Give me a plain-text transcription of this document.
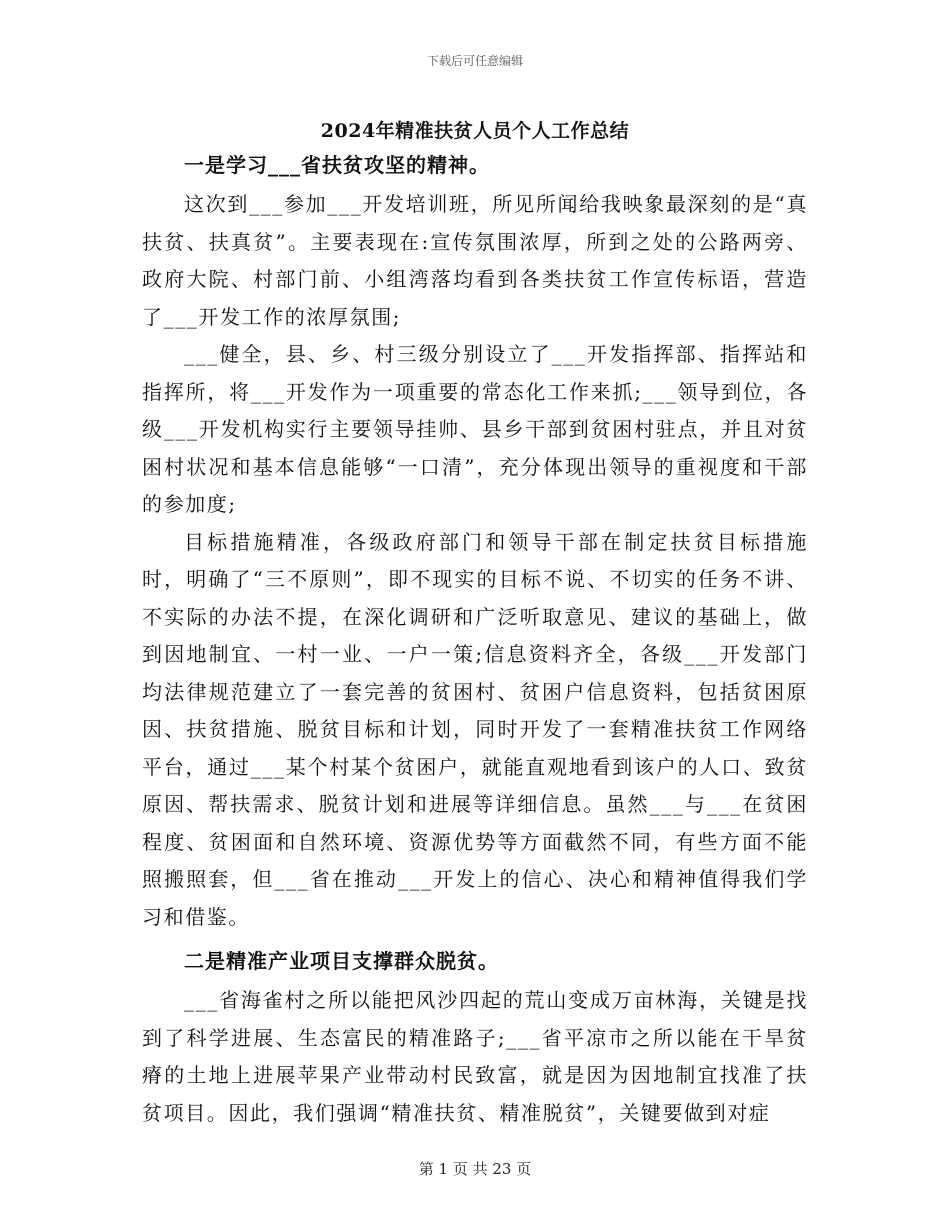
下载后可任意编辑
2024年精准扶贫人员个人工作总结

一是学习___省扶贫攻坚的精神。

这次到___参加___开发培训班，所见所闻给我映象最深刻的是“真扶贫、扶真贫”。主要表现在:宣传氛围浓厚，所到之处的公路两旁、政府大院、村部门前、小组湾落均看到各类扶贫工作宣传标语，营造了___开发工作的浓厚氛围;

___健全，县、乡、村三级分别设立了___开发指挥部、指挥站和指挥所，将___开发作为一项重要的常态化工作来抓;___领导到位，各级___开发机构实行主要领导挂帅、县乡干部到贫困村驻点，并且对贫困村状况和基本信息能够“一口清”，充分体现出领导的重视度和干部的参加度;

目标措施精准，各级政府部门和领导干部在制定扶贫目标措施时，明确了“三不原则”，即不现实的目标不说、不切实的任务不讲、不实际的办法不提，在深化调研和广泛听取意见、建议的基础上，做到因地制宜、一村一业、一户一策;信息资料齐全，各级___开发部门均法律规范建立了一套完善的贫困村、贫困户信息资料，包括贫困原因、扶贫措施、脱贫目标和计划，同时开发了一套精准扶贫工作网络平台，通过___某个村某个贫困户，就能直观地看到该户的人口、致贫原因、帮扶需求、脱贫计划和进展等详细信息。虽然___与___在贫困程度、贫困面和自然环境、资源优势等方面截然不同，有些方面不能照搬照套，但___省在推动___开发上的信心、决心和精神值得我们学习和借鉴。

二是精准产业项目支撑群众脱贫。

___省海雀村之所以能把风沙四起的荒山变成万亩林海，关键是找到了科学进展、生态富民的精准路子;___省平凉市之所以能在干旱贫瘠的土地上进展苹果产业带动村民致富，就是因为因地制宜找准了扶贫项目。因此，我们强调“精准扶贫、精准脱贫”，关键要做到对症

第 1 页 共 23 页
